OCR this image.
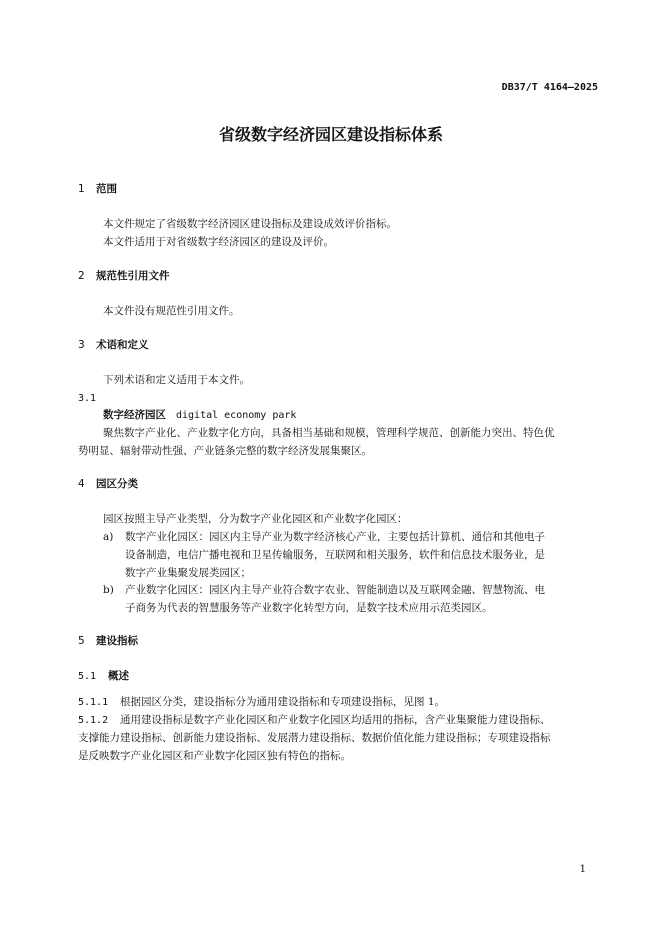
DB37/T 4164—2025
省级数字经济园区建设指标体系
1 范围
本文件规定了省级数字经济园区建设指标及建设成效评价指标。
本文件适用于对省级数字经济园区的建设及评价。
2 规范性引用文件
本文件没有规范性引用文件。
3 术语和定义
下列术语和定义适用于本文件。
3.1
数字经济园区 digital economy park
聚焦数字产业化、产业数字化方向，具备相当基础和规模，管理科学规范、创新能力突出、特色优
势明显、辐射带动性强、产业链条完整的数字经济发展集聚区。
4 园区分类
园区按照主导产业类型，分为数字产业化园区和产业数字化园区：
a) 数字产业化园区：园区内主导产业为数字经济核心产业，主要包括计算机、通信和其他电子
设备制造，电信广播电视和卫星传输服务，互联网和相关服务，软件和信息技术服务业，是
数字产业集聚发展类园区；
b) 产业数字化园区：园区内主导产业符合数字农业、智能制造以及互联网金融、智慧物流、电
子商务为代表的智慧服务等产业数字化转型方向，是数字技术应用示范类园区。
5 建设指标
5.1 概述
5.1.1 根据园区分类，建设指标分为通用建设指标和专项建设指标，见图 1。
5.1.2 通用建设指标是数字产业化园区和产业数字化园区均适用的指标，含产业集聚能力建设指标、
支撑能力建设指标、创新能力建设指标、发展潜力建设指标、数据价值化能力建设指标；专项建设指标
是反映数字产业化园区和产业数字化园区独有特色的指标。
1
